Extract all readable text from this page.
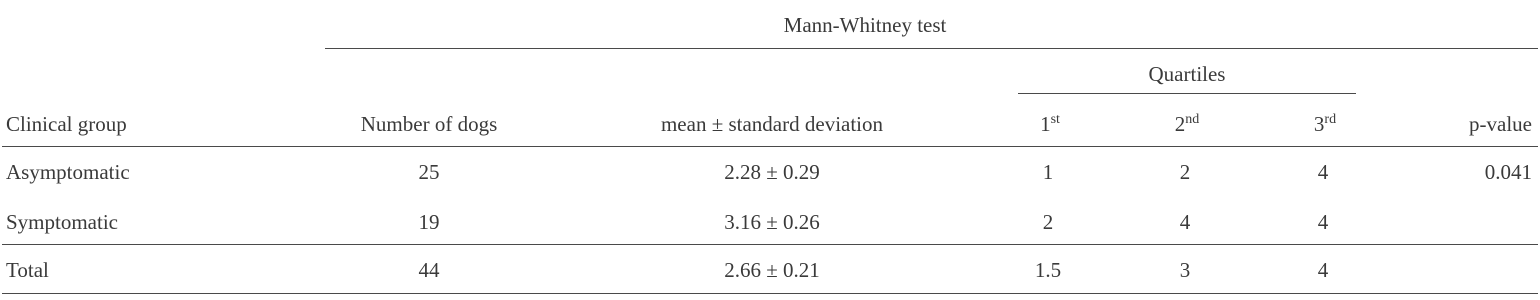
Mann-Whitney test
Quartiles
Clinical group	Number of dogs	mean ± standard deviation	1st	2nd	3rd	p-value
Asymptomatic	25	2.28 ± 0.29	1	2	4	0.041
Symptomatic	19	3.16 ± 0.26	2	4	4
Total	44	2.66 ± 0.21	1.5	3	4
